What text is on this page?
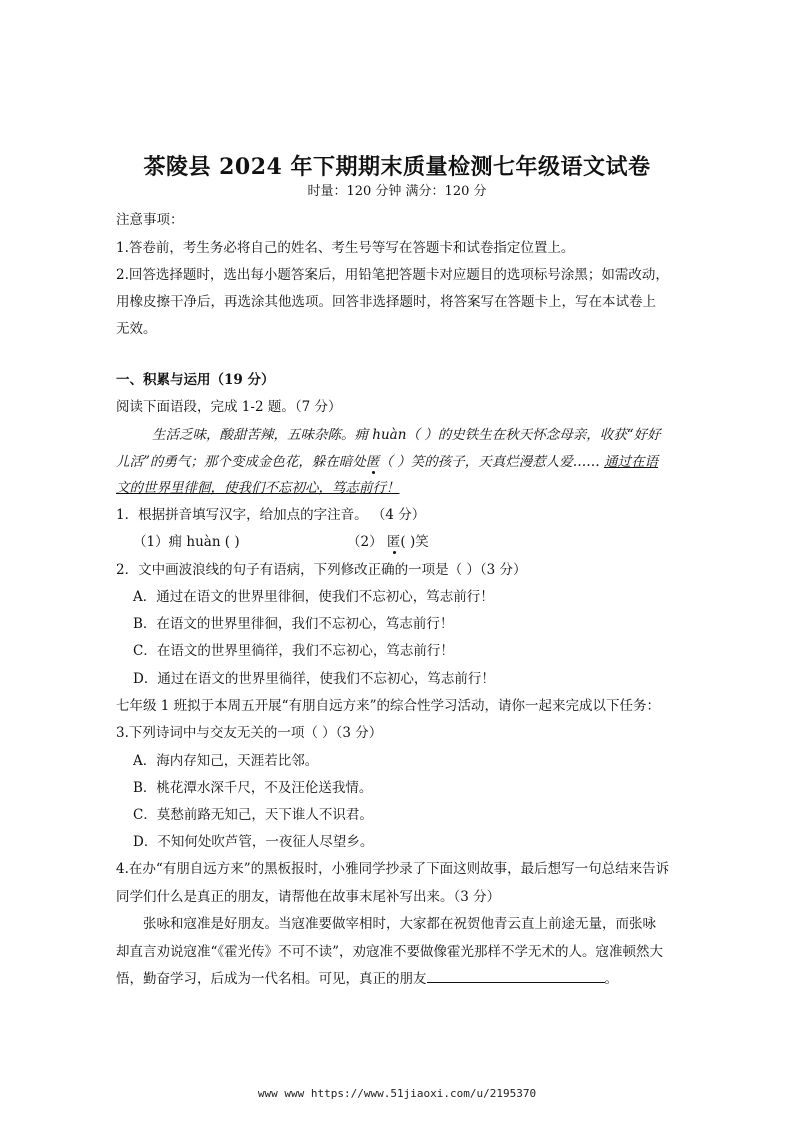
茶陵县 2024 年下期期末质量检测七年级语文试卷
时量：120 分钟 满分：120 分
注意事项：
1.答卷前，考生务必将自己的姓名、考生号等写在答题卡和试卷指定位置上。
2.回答选择题时，选出每小题答案后，用铅笔把答题卡对应题目的选项标号涂黑；如需改动，
用橡皮擦干净后，再选涂其他选项。回答非选择题时，将答案写在答题卡上，写在本试卷上
无效。
一、积累与运用（19 分）
阅读下面语段，完成 1-2 题。（7 分）
生活乏味，酸甜苦辣，五味杂陈。痈 huàn（ ）的史铁生在秋天怀念母亲，收获“好好
儿活”的勇气；那个变成金色花，躲在暗处匿（ ）笑的孩子，天真烂漫惹人爱…… 通过在语
文的世界里徘徊，使我们不忘初心，笃志前行！
1．根据拼音填写汉字，给加点的字注音。 （4 分）
（1）痈 huàn ( )	（2） 匿( )笑
2．文中画波浪线的句子有语病，下列修改正确的一项是（ ）（3 分）
A．通过在语文的世界里徘徊，使我们不忘初心，笃志前行！
B．在语文的世界里徘徊，我们不忘初心，笃志前行！
C．在语文的世界里徜徉，我们不忘初心，笃志前行！
D．通过在语文的世界里徜徉，使我们不忘初心，笃志前行！
七年级 1 班拟于本周五开展“有朋自远方来”的综合性学习活动，请你一起来完成以下任务：
3.下列诗词中与交友无关的一项（ ）（3 分）
A．海内存知己，天涯若比邻。
B．桃花潭水深千尺，不及汪伦送我情。
C．莫愁前路无知己，天下谁人不识君。
D．不知何处吹芦管，一夜征人尽望乡。
4.在办“有朋自远方来”的黑板报时，小雅同学抄录了下面这则故事，最后想写一句总结来告诉
同学们什么是真正的朋友，请帮他在故事末尾补写出来。（3 分）
张咏和寇准是好朋友。当寇准要做宰相时，大家都在祝贺他青云直上前途无量，而张咏
却直言劝说寇准“《霍光传》不可不读”，劝寇准不要做像霍光那样不学无术的人。寇准顿然大
悟，勤奋学习，后成为一代名相。可见，真正的朋友	。
www www https://www.51jiaoxi.com/u/2195370
